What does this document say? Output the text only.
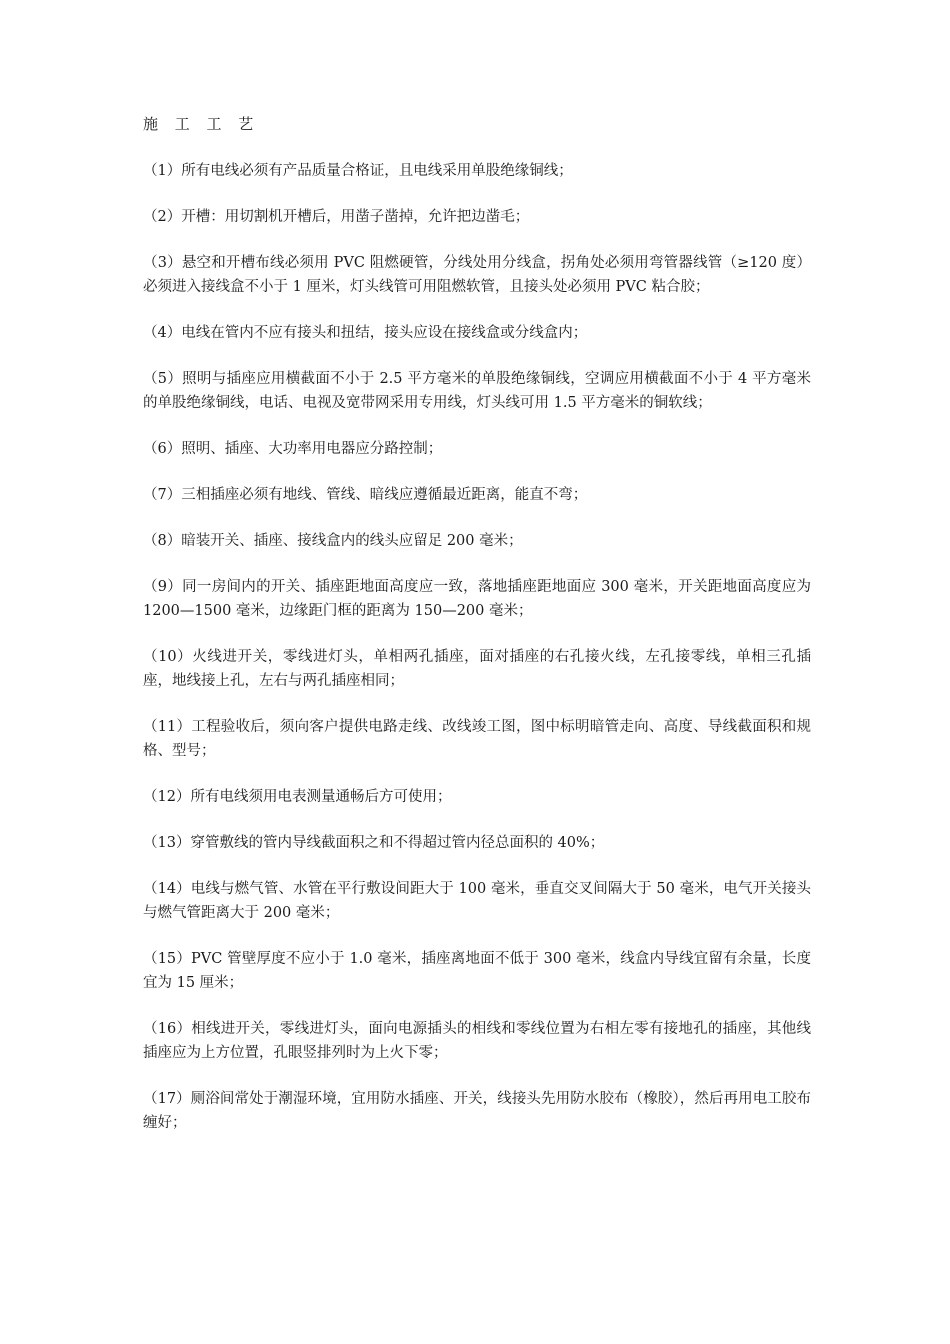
施 工 工 艺

（1）所有电线必须有产品质量合格证，且电线采用单股绝缘铜线；

（2）开槽：用切割机开槽后，用凿子凿掉，允许把边凿毛；

（3）悬空和开槽布线必须用 PVC 阻燃硬管，分线处用分线盒，拐角处必须用弯管器线管（≥120 度）必须进入接线盒不小于 1 厘米，灯头线管可用阻燃软管，且接头处必须用 PVC 粘合胶；

（4）电线在管内不应有接头和扭结，接头应设在接线盒或分线盒内；

（5）照明与插座应用横截面不小于 2.5 平方毫米的单股绝缘铜线，空调应用横截面不小于 4 平方毫米的单股绝缘铜线，电话、电视及宽带网采用专用线，灯头线可用 1.5 平方毫米的铜软线；

（6）照明、插座、大功率用电器应分路控制；

（7）三相插座必须有地线、管线、暗线应遵循最近距离，能直不弯；

（8）暗装开关、插座、接线盒内的线头应留足 200 毫米；

（9）同一房间内的开关、插座距地面高度应一致，落地插座距地面应 300 毫米，开关距地面高度应为 1200—1500 毫米，边缘距门框的距离为 150—200 毫米；

（10）火线进开关，零线进灯头，单相两孔插座，面对插座的右孔接火线，左孔接零线，单相三孔插座，地线接上孔，左右与两孔插座相同；

（11）工程验收后，须向客户提供电路走线、改线竣工图，图中标明暗管走向、高度、导线截面积和规格、型号；

（12）所有电线须用电表测量通畅后方可使用；

（13）穿管敷线的管内导线截面积之和不得超过管内径总面积的 40%；

（14）电线与燃气管、水管在平行敷设间距大于 100 毫米，垂直交叉间隔大于 50 毫米，电气开关接头与燃气管距离大于 200 毫米；

（15）PVC 管壁厚度不应小于 1.0 毫米，插座离地面不低于 300 毫米，线盒内导线宜留有余量，长度宜为 15 厘米；

（16）相线进开关，零线进灯头，面向电源插头的相线和零线位置为右相左零有接地孔的插座，其他线插座应为上方位置，孔眼竖排列时为上火下零；

（17）厕浴间常处于潮湿环境，宜用防水插座、开关，线接头先用防水胶布（橡胶），然后再用电工胶布缠好；
